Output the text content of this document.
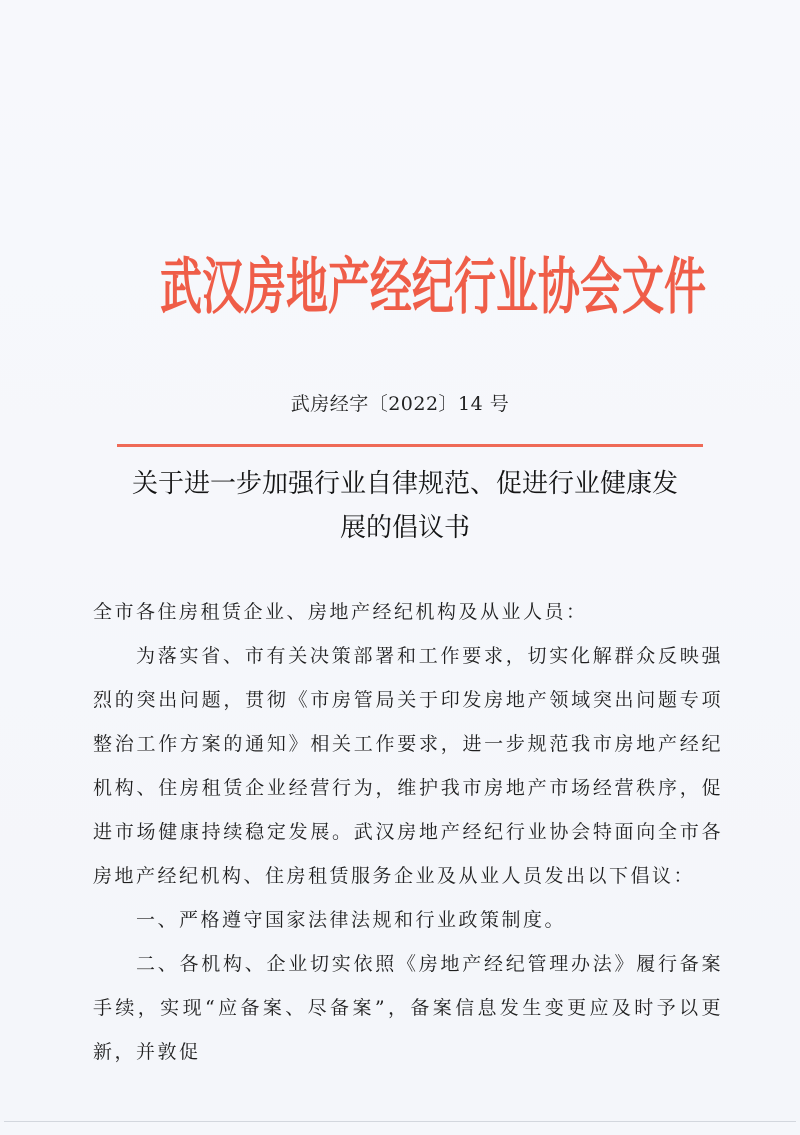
武汉房地产经纪行业协会文件
武房经字〔2022〕14 号
关于进一步加强行业自律规范、促进行业健康发
展的倡议书

全市各住房租赁企业、房地产经纪机构及从业人员：

为落实省、市有关决策部署和工作要求，切实化解群众反映强烈的突出问题，贯彻《市房管局关于印发房地产领域突出问题专项整治工作方案的通知》相关工作要求，进一步规范我市房地产经纪机构、住房租赁企业经营行为，维护我市房地产市场经营秩序，促进市场健康持续稳定发展。武汉房地产经纪行业协会特面向全市各房地产经纪机构、住房租赁服务企业及从业人员发出以下倡议：

一、严格遵守国家法律法规和行业政策制度。

二、各机构、企业切实依照《房地产经纪管理办法》履行备案手续，实现“应备案、尽备案”，备案信息发生变更应及时予以更新，并敦促
